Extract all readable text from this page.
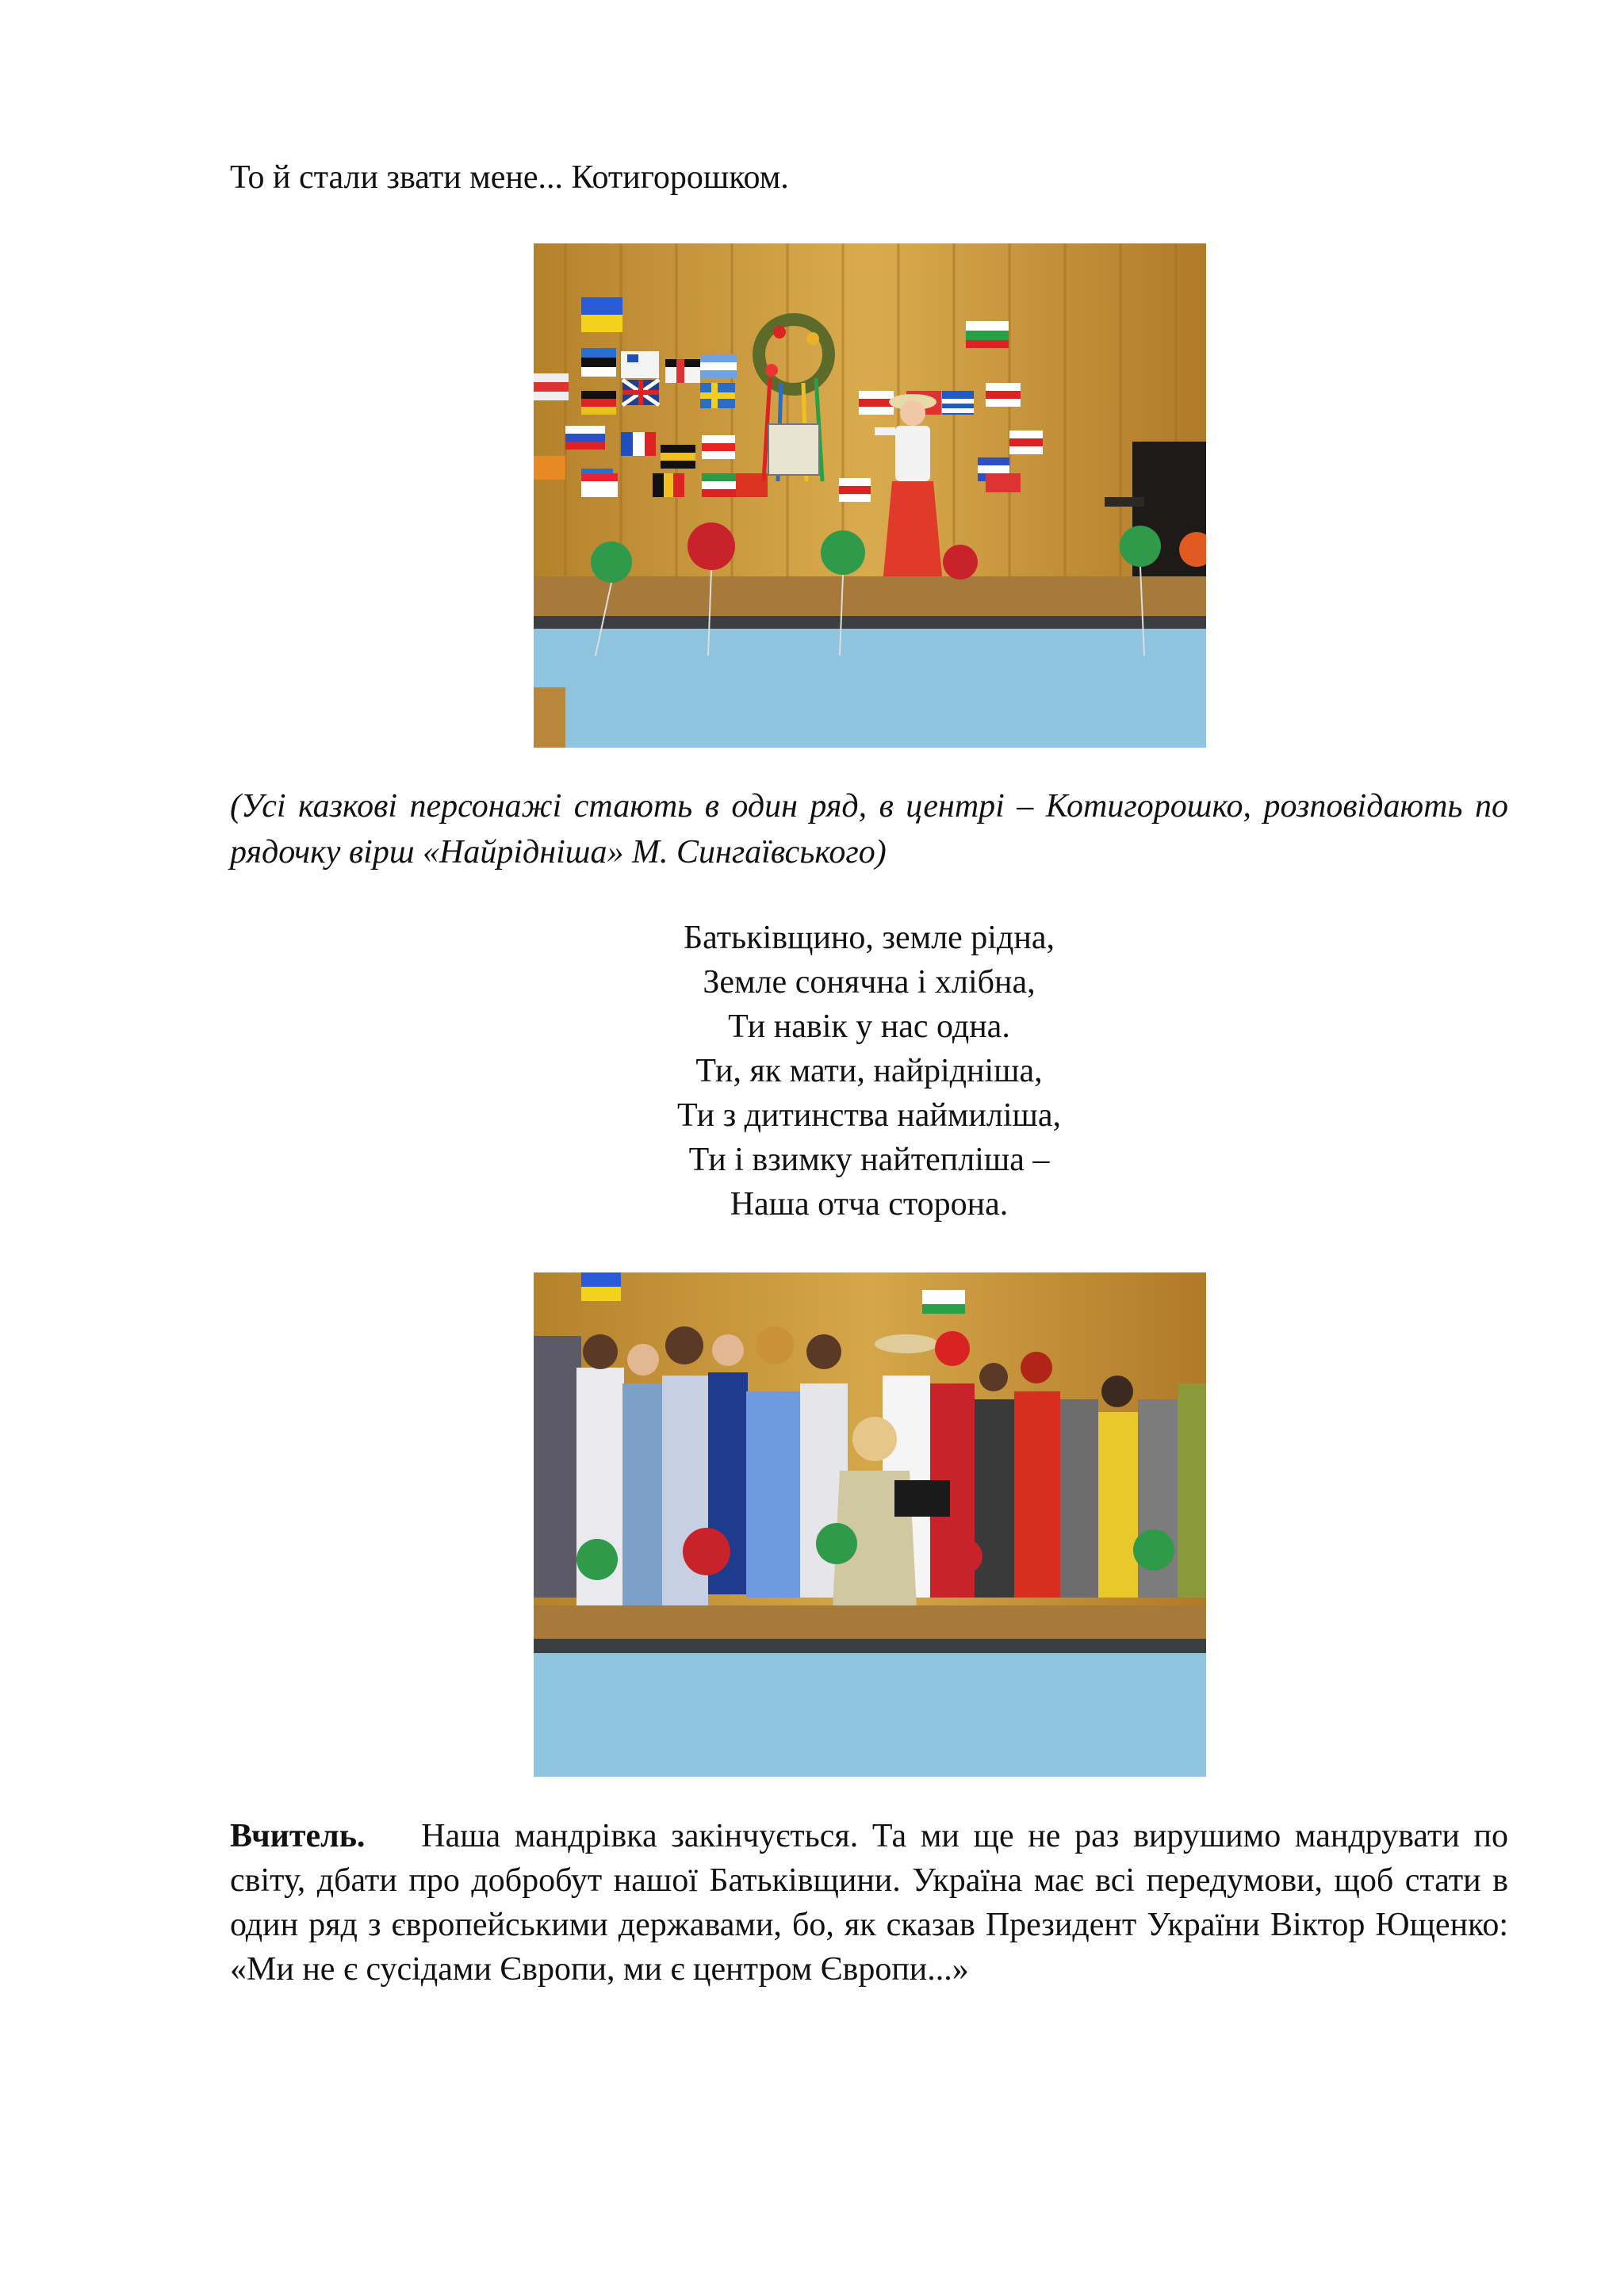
То й стали звати мене... Котигорошком.
(Усі казкові персонажі стають в один ряд, в центрі – Котигорошко, розповідають по рядочку вірш «Найрідніша» М. Сингаївського)
Батьківщино, земле рідна,
Земле сонячна і хлібна,
Ти навік у нас одна.
Ти, як мати, найрідніша,
Ти з дитинства наймиліша,
Ти і взимку найтепліша –
Наша отча сторона.
Вчитель. Наша мандрівка закінчується. Та ми ще не раз вирушимо мандрувати по світу, дбати про добробут нашої Батьківщини. Україна має всі передумови, щоб стати в один ряд з європейськими державами, бо, як сказав Президент України Віктор Ющенко: «Ми не є сусідами Європи, ми є центром Європи...»
